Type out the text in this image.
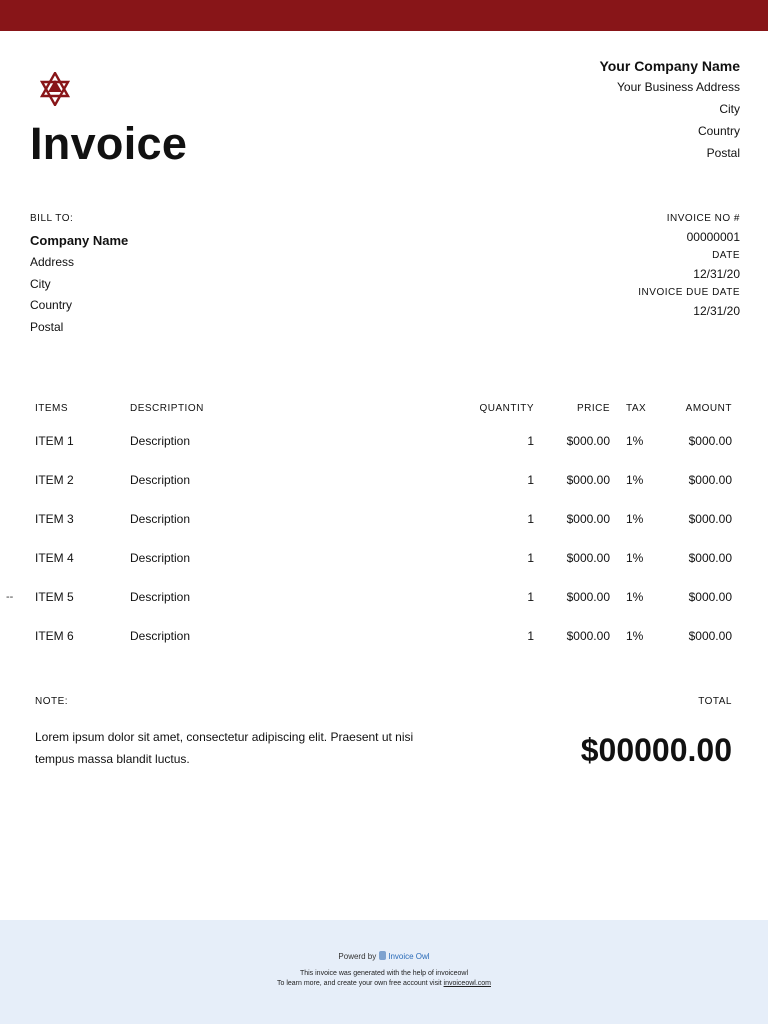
Invoice
Your Company Name
Your Business Address
City
Country
Postal
BILL TO:
Company Name
Address
City
Country
Postal
INVOICE NO #
00000001
DATE
12/31/20
INVOICE DUE DATE
12/31/20
ITEMS	DESCRIPTION	QUANTITY	PRICE TAX	AMOUNT
ITEM 1	Description	1	$000.00 1%	$000.00
ITEM 2	Description	1	$000.00 1%	$000.00
ITEM 3	Description	1	$000.00 1%	$000.00
ITEM 4	Description	1	$000.00 1%	$000.00
ITEM 5	Description	1	$000.00 1%	$000.00
ITEM 6	Description	1	$000.00 1%	$000.00
--
NOTE:
Lorem ipsum dolor sit amet, consectetur adipiscing elit. Praesent ut nisi tempus massa blandit luctus.
TOTAL
$00000.00
Powerd by Invoice Owl
This invoice was generated with the help of invoiceowl
To learn more, and create your own free account visit invoiceowl.com
